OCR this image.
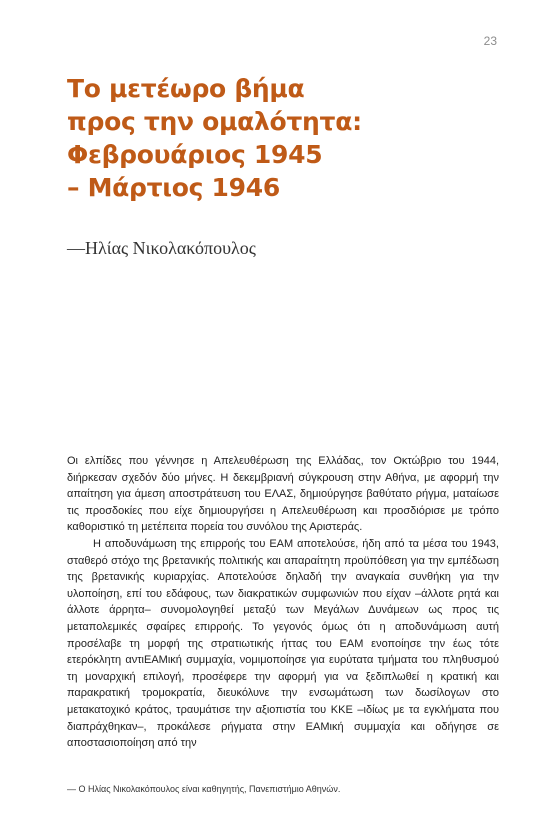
23
Το μετέωρο βήμα
προς την ομαλότητα:
Φεβρουάριος 1945
– Μάρτιος 1946
—Ηλίας Νικολακόπουλος

Οι ελπίδες που γέννησε η Απελευθέρωση της Ελλάδας, τον Οκτώβριο του 1944, διήρκεσαν σχεδόν δύο μήνες. Η δεκεμβριανή σύγκρουση στην Αθήνα, με αφορμή την απαίτηση για άμεση αποστράτευση του ΕΛΑΣ, δημιούργησε βαθύτατο ρήγμα, ματαίωσε τις προσδοκίες που είχε δημιουργήσει η Απελευθέρωση και προσδιόρισε με τρόπο καθοριστικό τη μετέπειτα πορεία του συνόλου της Αριστεράς.

Η αποδυνάμωση της επιρροής του ΕΑΜ αποτελούσε, ήδη από τα μέσα του 1943, σταθερό στόχο της βρετανικής πολιτικής και απαραίτητη προϋπόθεση για την εμπέδωση της βρετανικής κυριαρχίας. Αποτελούσε δηλαδή την αναγκαία συνθήκη για την υλοποίηση, επί του εδάφους, των διακρατικών συμφωνιών που είχαν –άλλοτε ρητά και άλλοτε άρρητα– συνομολογηθεί μεταξύ των Μεγάλων Δυνάμεων ως προς τις μεταπολεμικές σφαίρες επιρροής. Το γεγονός όμως ότι η αποδυνάμωση αυτή προσέλαβε τη μορφή της στρατιωτικής ήττας του ΕΑΜ ενοποίησε την έως τότε ετερόκλητη αντιΕΑΜική συμμαχία, νομιμοποίησε για ευρύτατα τμήματα του πληθυσμού τη μοναρχική επιλογή, προσέφερε την αφορμή για να ξεδιπλωθεί η κρατική και παρακρατική τρομοκρατία, διευκόλυνε την ενσωμάτωση των δωσίλογων στο μετακατοχικό κράτος, τραυμάτισε την αξιοπιστία του ΚΚΕ –ιδίως με τα εγκλήματα που διαπράχθηκαν–, προκάλεσε ρήγματα στην ΕΑΜική συμμαχία και οδήγησε σε αποστασιοποίηση από την

— Ο Ηλίας Νικολακόπουλος είναι καθηγητής, Πανεπιστήμιο Αθηνών.
